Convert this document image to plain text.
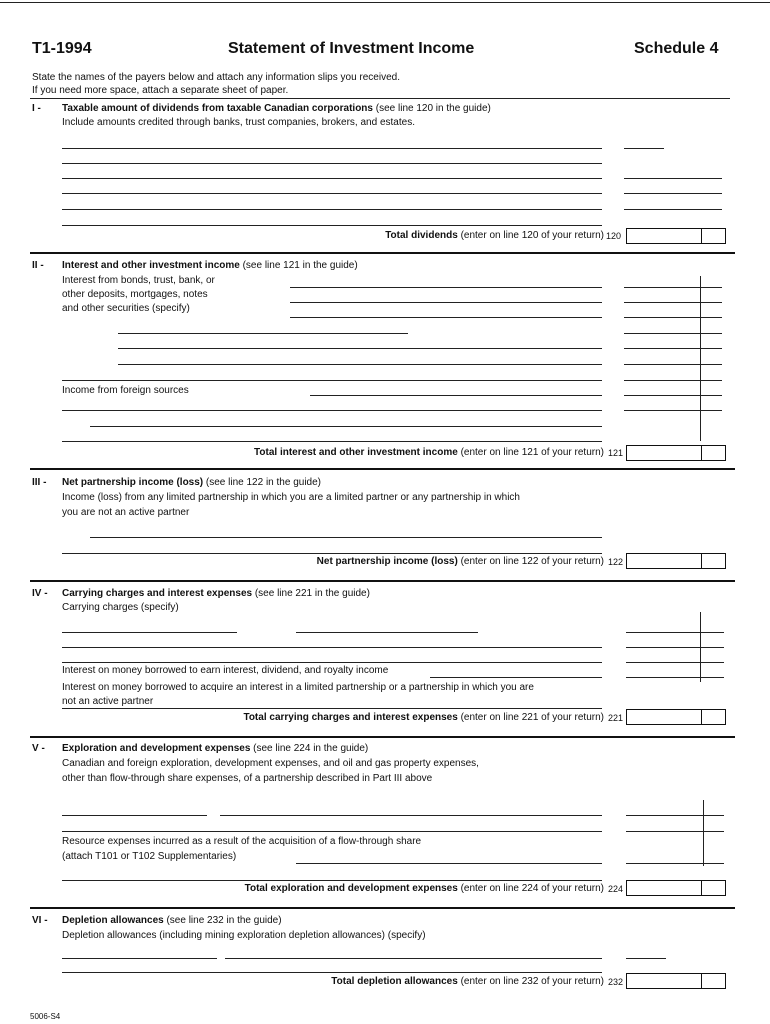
T1-1994	Statement of Investment Income	Schedule 4
State the names of the payers below and attach any information slips you received.
If you need more space, attach a separate sheet of paper.
I - Taxable amount of dividends from taxable Canadian corporations (see line 120 in the guide)
Include amounts credited through banks, trust companies, brokers, and estates.
Total dividends (enter on line 120 of your return) 120
II - Interest and other investment income (see line 121 in the guide)
Interest from bonds, trust, bank, or
other deposits, mortgages, notes
and other securities (specify)
Income from foreign sources
Total interest and other investment income (enter on line 121 of your return) 121
III - Net partnership income (loss) (see line 122 in the guide)
Income (loss) from any limited partnership in which you are a limited partner or any partnership in which
you are not an active partner
Net partnership income (loss) (enter on line 122 of your return) 122
IV - Carrying charges and interest expenses (see line 221 in the guide)
Carrying charges (specify)
Interest on money borrowed to earn interest, dividend, and royalty income
Interest on money borrowed to acquire an interest in a limited partnership or a partnership in which you are
not an active partner
Total carrying charges and interest expenses (enter on line 221 of your return) 221
V - Exploration and development expenses (see line 224 in the guide)
Canadian and foreign exploration, development expenses, and oil and gas property expenses,
other than flow-through share expenses, of a partnership described in Part III above
Resource expenses incurred as a result of the acquisition of a flow-through share
(attach T101 or T102 Supplementaries)
Total exploration and development expenses (enter on line 224 of your return) 224
VI - Depletion allowances (see line 232 in the guide)
Depletion allowances (including mining exploration depletion allowances) (specify)
Total depletion allowances (enter on line 232 of your return) 232
5006-S4
